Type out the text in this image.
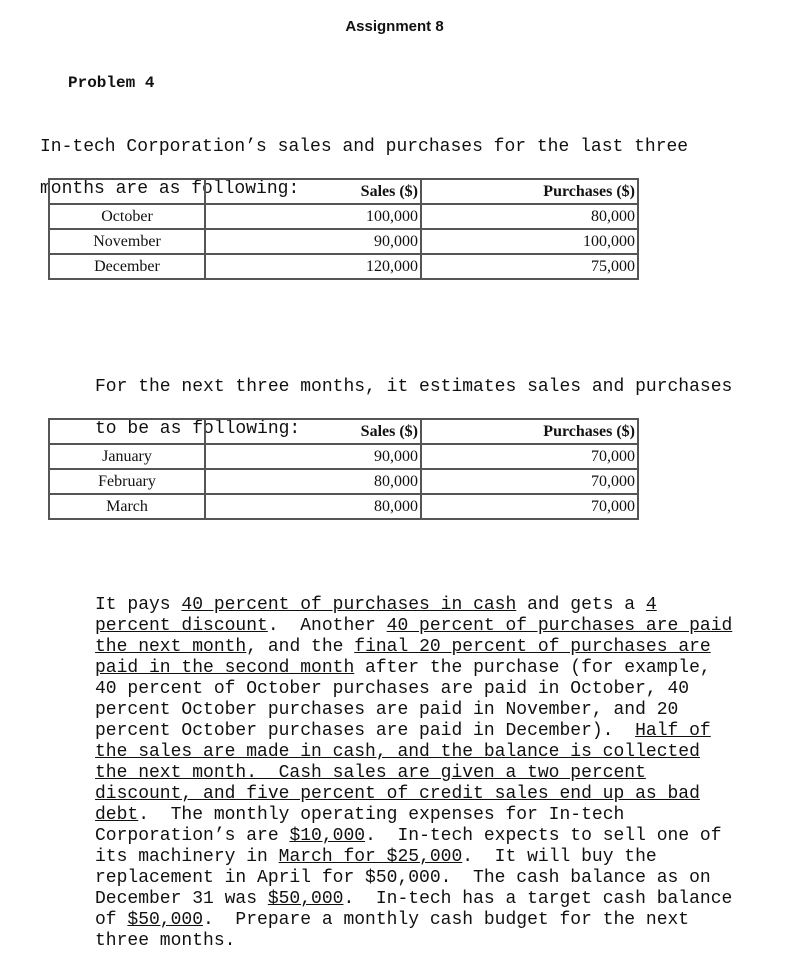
Assignment 8
Problem 4

In-tech Corporation’s sales and purchases for the last three

months are as following:

		Sales ($)	Purchases ($)
October	100,000	80,000
November	90,000	100,000
December	120,000	75,000

For the next three months, it estimates sales and purchases

to be as following:

		Sales ($)	Purchases ($)
January	90,000	70,000
February	80,000	70,000
March	80,000	70,000
It pays 40 percent of purchases in cash and gets a 4
percent discount.  Another 40 percent of purchases are paid
the next month, and the final 20 percent of purchases are
paid in the second month after the purchase (for example,
40 percent of October purchases are paid in October, 40
percent October purchases are paid in November, and 20
percent October purchases are paid in December).  Half of
the sales are made in cash, and the balance is collected
the next month.  Cash sales are given a two percent
discount, and five percent of credit sales end up as bad
debt.  The monthly operating expenses for In-tech
Corporation’s are $10,000.  In-tech expects to sell one of
its machinery in March for $25,000.  It will buy the
replacement in April for $50,000.  The cash balance as on
December 31 was $50,000.  In-tech has a target cash balance
of $50,000.  Prepare a monthly cash budget for the next
three months.
